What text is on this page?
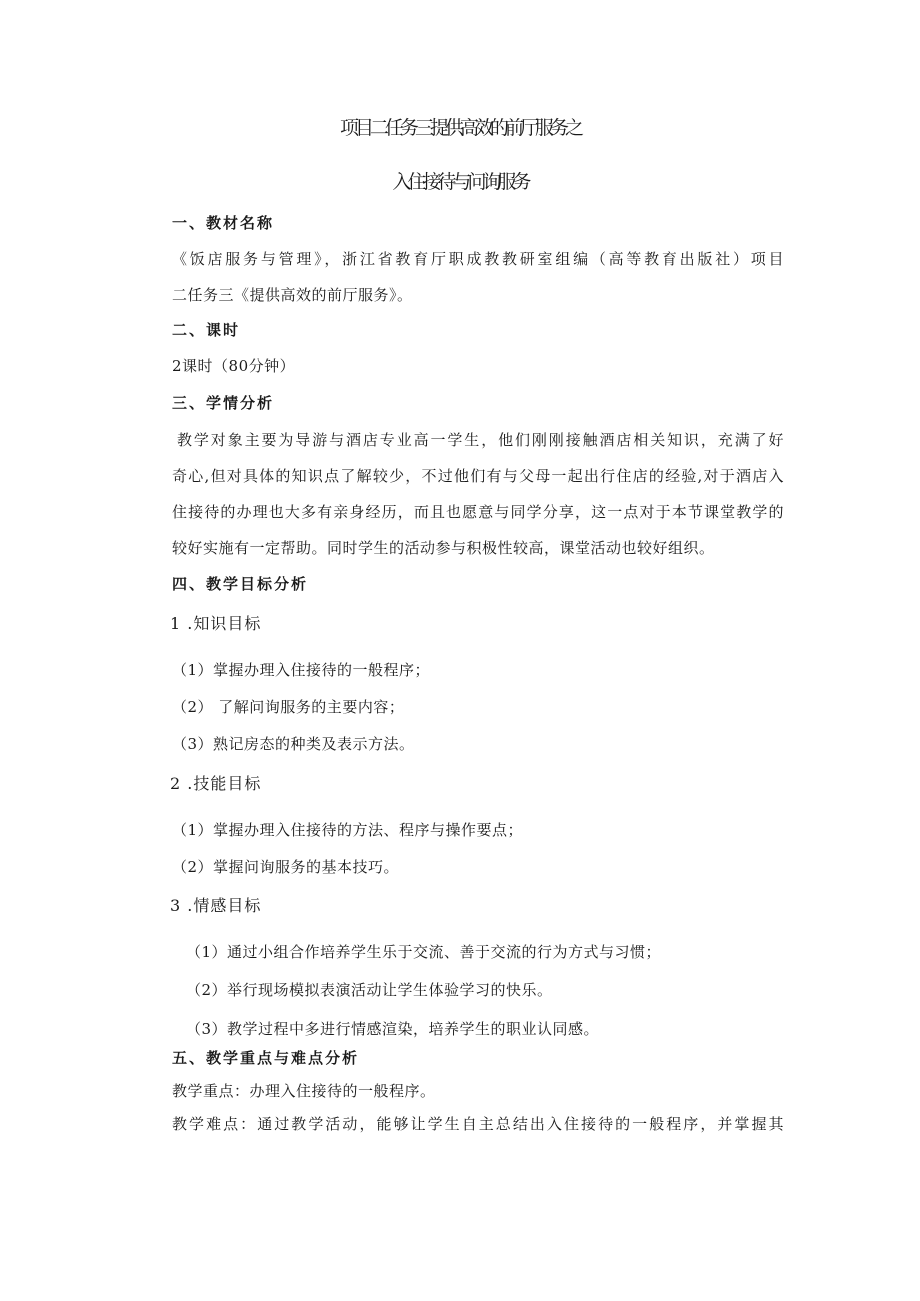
项目二任务三提供高效的前厅服务之
入住接待与问询服务
一、教材名称
《饭店服务与管理》，浙江省教育厅职成教教研室组编（高等教育出版社）项目
二任务三《提供高效的前厅服务》。
二、课时
2课时（80分钟）
三、学情分析
教学对象主要为导游与酒店专业高一学生，他们刚刚接触酒店相关知识，充满了好
奇心,但对具体的知识点了解较少，不过他们有与父母一起出行住店的经验,对于酒店入
住接待的办理也大多有亲身经历，而且也愿意与同学分享，这一点对于本节课堂教学的
较好实施有一定帮助。同时学生的活动参与积极性较高，课堂活动也较好组织。
四、教学目标分析
1 .知识目标
（1）掌握办理入住接待的一般程序；
（2） 了解问询服务的主要内容；
（3）熟记房态的种类及表示方法。
2 .技能目标
（1）掌握办理入住接待的方法、程序与操作要点；
（2）掌握问询服务的基本技巧。
3 .情感目标
（1）通过小组合作培养学生乐于交流、善于交流的行为方式与习惯；
（2）举行现场模拟表演活动让学生体验学习的快乐。
（3）教学过程中多进行情感渲染，培养学生的职业认同感。
五、教学重点与难点分析
教学重点：办理入住接待的一般程序。
教学难点：通过教学活动，能够让学生自主总结出入住接待的一般程序，并掌握其
